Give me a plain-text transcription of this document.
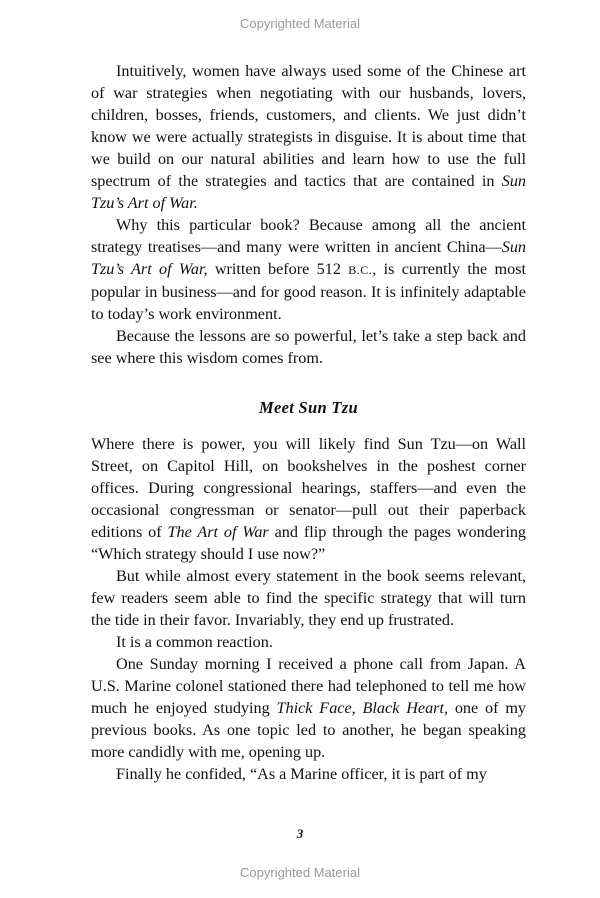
Copyrighted Material

Intuitively, women have always used some of the Chinese art of war strategies when negotiating with our husbands, lovers, children, bosses, friends, customers, and clients. We just didn’t know we were actually strategists in disguise. It is about time that we build on our natural abilities and learn how to use the full spectrum of the strategies and tactics that are contained in Sun Tzu’s Art of War.

Why this particular book? Because among all the ancient strategy treatises—and many were written in ancient China—Sun Tzu’s Art of War, written before 512 B.C., is currently the most popular in business—and for good reason. It is infinitely adaptable to today’s work environment.

Because the lessons are so powerful, let’s take a step back and see where this wisdom comes from.

Meet Sun Tzu

Where there is power, you will likely find Sun Tzu—on Wall Street, on Capitol Hill, on bookshelves in the poshest corner offices. During congressional hearings, staffers—and even the occasional congressman or senator—pull out their paperback editions of The Art of War and flip through the pages wondering “Which strategy should I use now?”

But while almost every statement in the book seems relevant, few readers seem able to find the specific strategy that will turn the tide in their favor. Invariably, they end up frustrated.

It is a common reaction.

One Sunday morning I received a phone call from Japan. A U.S. Marine colonel stationed there had telephoned to tell me how much he enjoyed studying Thick Face, Black Heart, one of my previous books. As one topic led to another, he began speaking more candidly with me, opening up.

Finally he confided, “As a Marine officer, it is part of my

3
Copyrighted Material
